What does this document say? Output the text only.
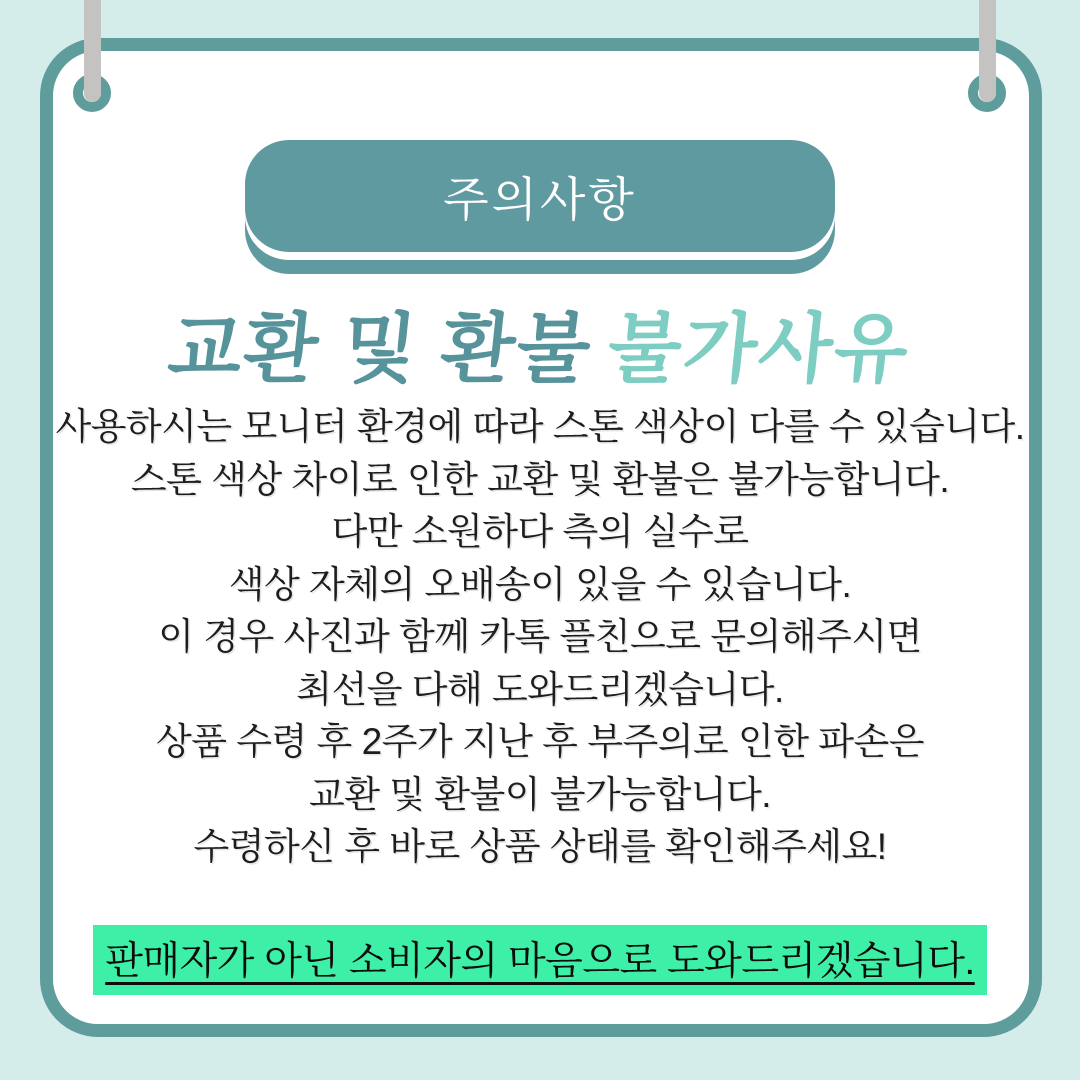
주의사항
교환 및 환불불가사유
사용하시는 모니터 환경에 따라 스톤 색상이 다를 수 있습니다.
스톤 색상 차이로 인한 교환 및 환불은 불가능합니다.
다만 소원하다 측의 실수로
색상 자체의 오배송이 있을 수 있습니다.
이 경우 사진과 함께 카톡 플친으로 문의해주시면
최선을 다해 도와드리겠습니다.
상품 수령 후 2주가 지난 후 부주의로 인한 파손은
교환 및 환불이 불가능합니다.
수령하신 후 바로 상품 상태를 확인해주세요!
판매자가 아닌 소비자의 마음으로 도와드리겠습니다.
